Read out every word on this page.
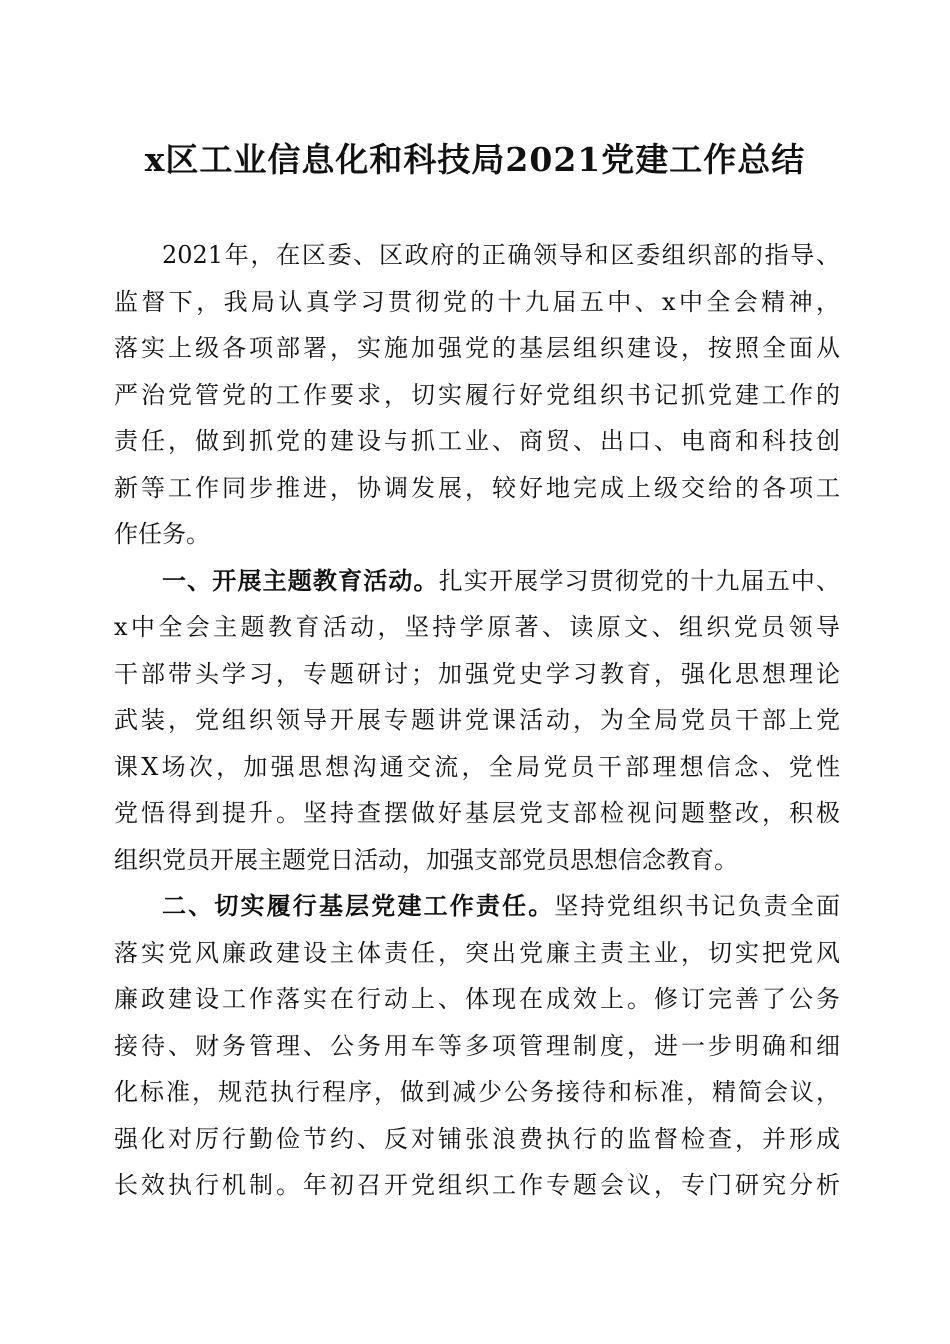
x区工业信息化和科技局2021党建工作总结
2021年，在区委、区政府的正确领导和区委组织部的指导、
监督下，我局认真学习贯彻党的十九届五中、x中全会精神，
落实上级各项部署，实施加强党的基层组织建设，按照全面从
严治党管党的工作要求，切实履行好党组织书记抓党建工作的
责任，做到抓党的建设与抓工业、商贸、出口、电商和科技创
新等工作同步推进，协调发展，较好地完成上级交给的各项工
作任务。
一、开展主题教育活动。扎实开展学习贯彻党的十九届五中、
x中全会主题教育活动，坚持学原著、读原文、组织党员领导
干部带头学习，专题研讨；加强党史学习教育，强化思想理论
武装，党组织领导开展专题讲党课活动，为全局党员干部上党
课X场次，加强思想沟通交流，全局党员干部理想信念、党性
党悟得到提升。坚持查摆做好基层党支部检视问题整改，积极
组织党员开展主题党日活动，加强支部党员思想信念教育。
二、切实履行基层党建工作责任。坚持党组织书记负责全面
落实党风廉政建设主体责任，突出党廉主责主业，切实把党风
廉政建设工作落实在行动上、体现在成效上。修订完善了公务
接待、财务管理、公务用车等多项管理制度，进一步明确和细
化标准，规范执行程序，做到减少公务接待和标准，精简会议，
强化对厉行勤俭节约、反对铺张浪费执行的监督检查，并形成
长效执行机制。年初召开党组织工作专题会议，专门研究分析
